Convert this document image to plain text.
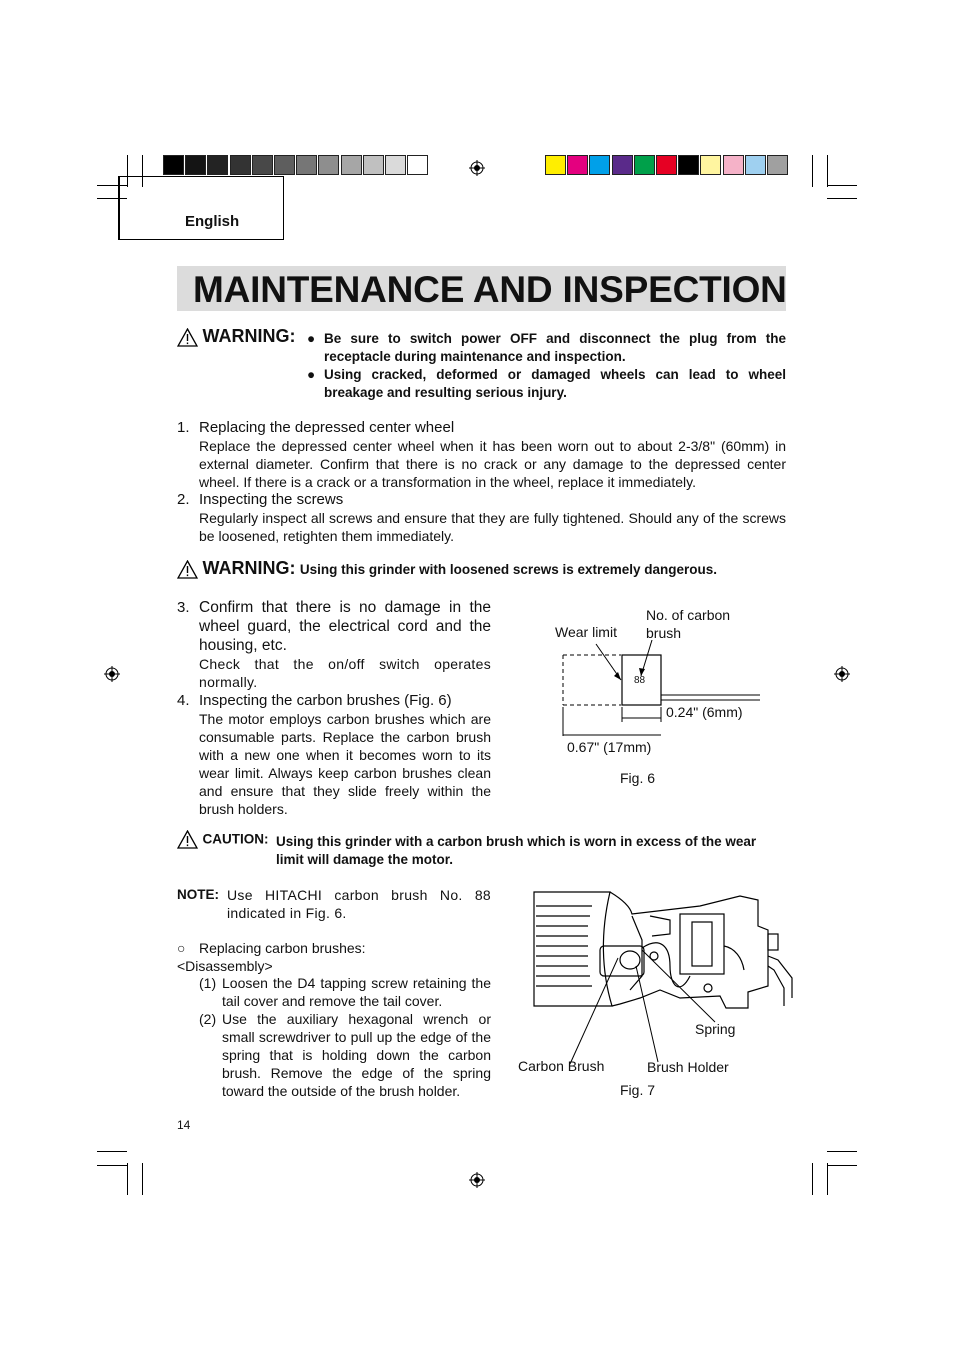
English
MAINTENANCE AND INSPECTION
WARNING: ● Be sure to switch power OFF and disconnect the plug from the receptacle during maintenance and inspection.
● Using cracked, deformed or damaged wheels can lead to wheel breakage and resulting serious injury.
1. Replacing the depressed center wheel
Replace the depressed center wheel when it has been worn out to about 2-3/8" (60mm) in external diameter. Confirm that there is no crack or any damage to the depressed center wheel. If there is a crack or a transformation in the wheel, replace it immediately.
2. Inspecting the screws
Regularly inspect all screws and ensure that they are fully tightened. Should any of the screws be loosened, retighten them immediately.
WARNING: Using this grinder with loosened screws is extremely dangerous.
3. Confirm that there is no damage in the wheel guard, the electrical cord and the housing, etc.
Check that the on/off switch operates normally.
4. Inspecting the carbon brushes (Fig. 6)
The motor employs carbon brushes which are consumable parts. Replace the carbon brush with a new one when it becomes worn to its wear limit. Always keep carbon brushes clean and ensure that they slide freely within the brush holders.
Wear limit
No. of carbon brush
88
0.24" (6mm)
0.67" (17mm)
Fig. 6
CAUTION: Using this grinder with a carbon brush which is worn in excess of the wear limit will damage the motor.
NOTE: Use HITACHI carbon brush No. 88 indicated in Fig. 6.
○ Replacing carbon brushes:
<Disassembly>
(1) Loosen the D4 tapping screw retaining the tail cover and remove the tail cover.
(2) Use the auxiliary hexagonal wrench or small screwdriver to pull up the edge of the spring that is holding down the carbon brush. Remove the edge of the spring toward the outside of the brush holder.
Spring
Carbon Brush	Brush Holder
Fig. 7
14
